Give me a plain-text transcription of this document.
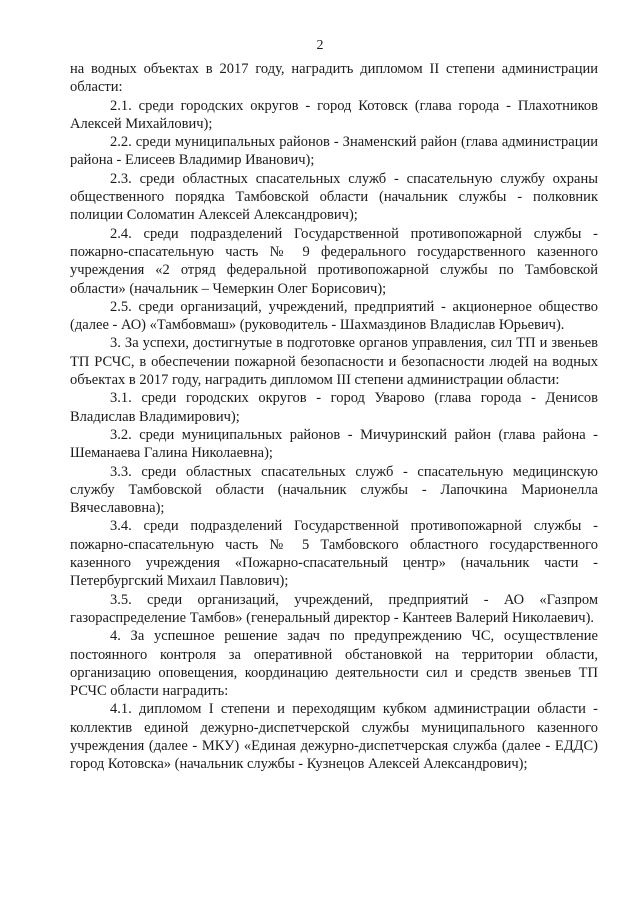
2

на водных объектах в 2017 году, наградить дипломом II степени администрации области:

2.1. среди городских округов - город Котовск (глава города - Плахотников Алексей Михайлович);

2.2. среди муниципальных районов - Знаменский район (глава администрации района - Елисеев Владимир Иванович);

2.3. среди областных спасательных служб - спасательную службу охраны общественного порядка Тамбовской области (начальник службы - полковник полиции Соломатин Алексей Александрович);

2.4. среди подразделений Государственной противопожарной службы - пожарно-спасательную часть № 9 федерального государственного казенного учреждения «2 отряд федеральной противопожарной службы по Тамбовской области» (начальник – Чемеркин Олег Борисович);

2.5. среди организаций, учреждений, предприятий - акционерное общество (далее - АО) «Тамбовмаш» (руководитель - Шахмаздинов Владислав Юрьевич).

3. За успехи, достигнутые в подготовке органов управления, сил ТП и звеньев ТП РСЧС, в обеспечении пожарной безопасности и безопасности людей на водных объектах в 2017 году, наградить дипломом III степени администрации области:

3.1. среди городских округов - город Уварово (глава города - Денисов Владислав Владимирович);

3.2. среди муниципальных районов - Мичуринский район (глава района - Шеманаева Галина Николаевна);

3.3. среди областных спасательных служб - спасательную медицинскую службу Тамбовской области (начальник службы - Лапочкина Марионелла Вячеславовна);

3.4. среди подразделений Государственной противопожарной службы - пожарно-спасательную часть № 5 Тамбовского областного государственного казенного учреждения «Пожарно-спасательный центр» (начальник части - Петербургский Михаил Павлович);

3.5. среди организаций, учреждений, предприятий - АО «Газпром газораспределение Тамбов» (генеральный директор - Кантеев Валерий Николаевич).

4. За успешное решение задач по предупреждению ЧС, осуществление постоянного контроля за оперативной обстановкой на территории области, организацию оповещения, координацию деятельности сил и средств звеньев ТП РСЧС области наградить:

4.1. дипломом I степени и переходящим кубком администрации области - коллектив единой дежурно-диспетчерской службы муниципального казенного учреждения (далее - МКУ) «Единая дежурно-диспетчерская служба (далее - ЕДДС) город Котовска» (начальник службы - Кузнецов Алексей Александрович);
